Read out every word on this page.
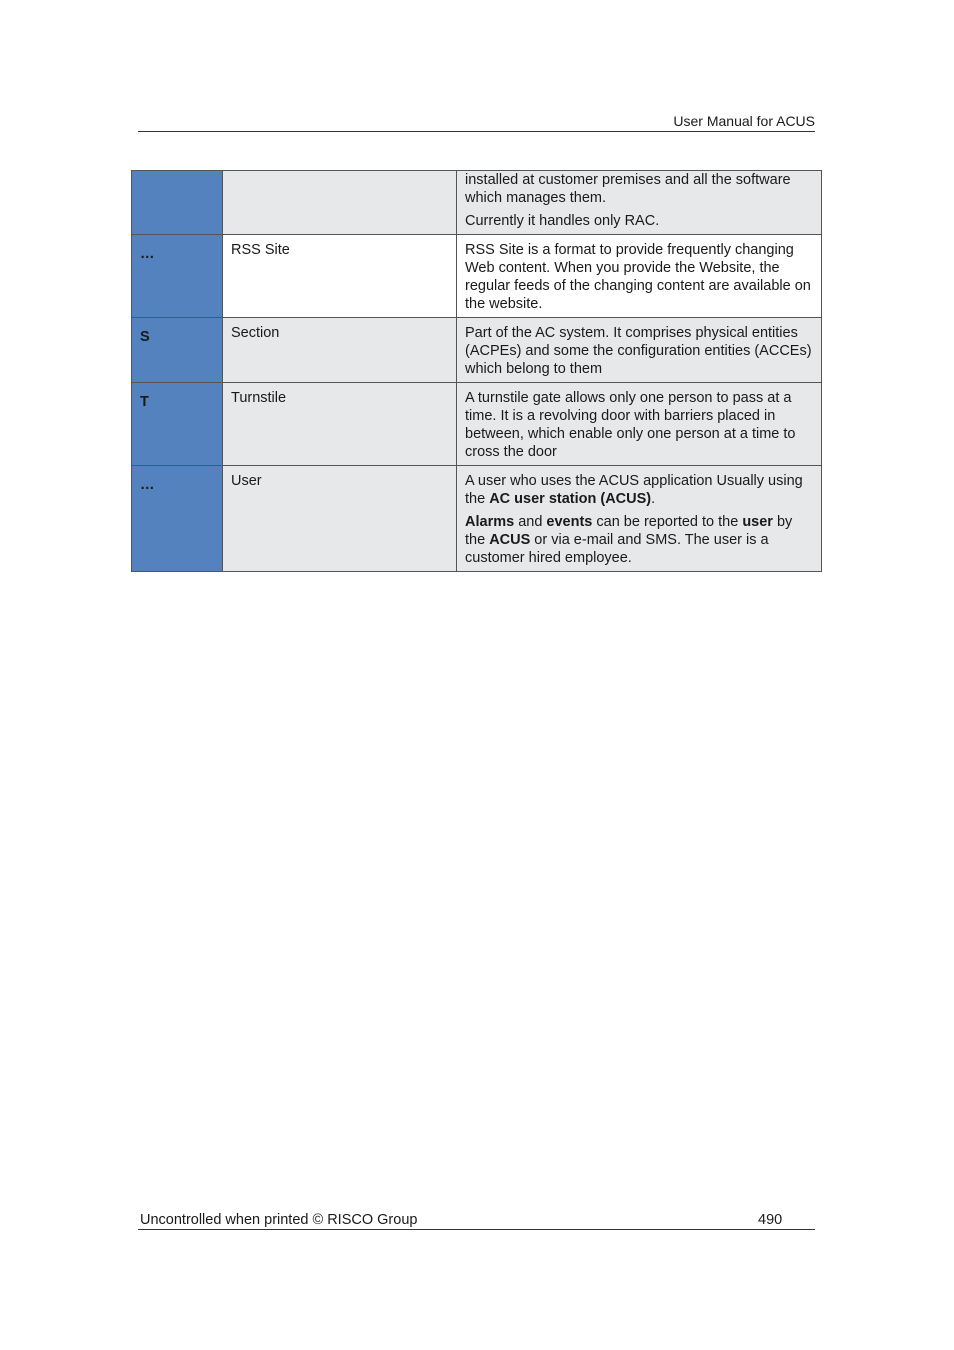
User Manual for ACUS

		installed at customer premises and all the software which manages them.

Currently it handles only RAC.

…	RSS Site	RSS Site is a format to provide frequently changing Web content. When you provide the Website, the regular feeds of the changing content are available on the website.

S	Section	Part of the AC system. It comprises physical entities (ACPEs) and some the configuration entities (ACCEs) which belong to them

T	Turnstile	A turnstile gate allows only one person to pass at a time. It is a revolving door with barriers placed in between, which enable only one person at a time to cross the door

…	User	A user who uses the ACUS application Usually using the AC user station (ACUS).

Alarms and events can be reported to the user by the ACUS or via e-mail and SMS. The user is a customer hired employee.

Uncontrolled when printed © RISCO Group	490
